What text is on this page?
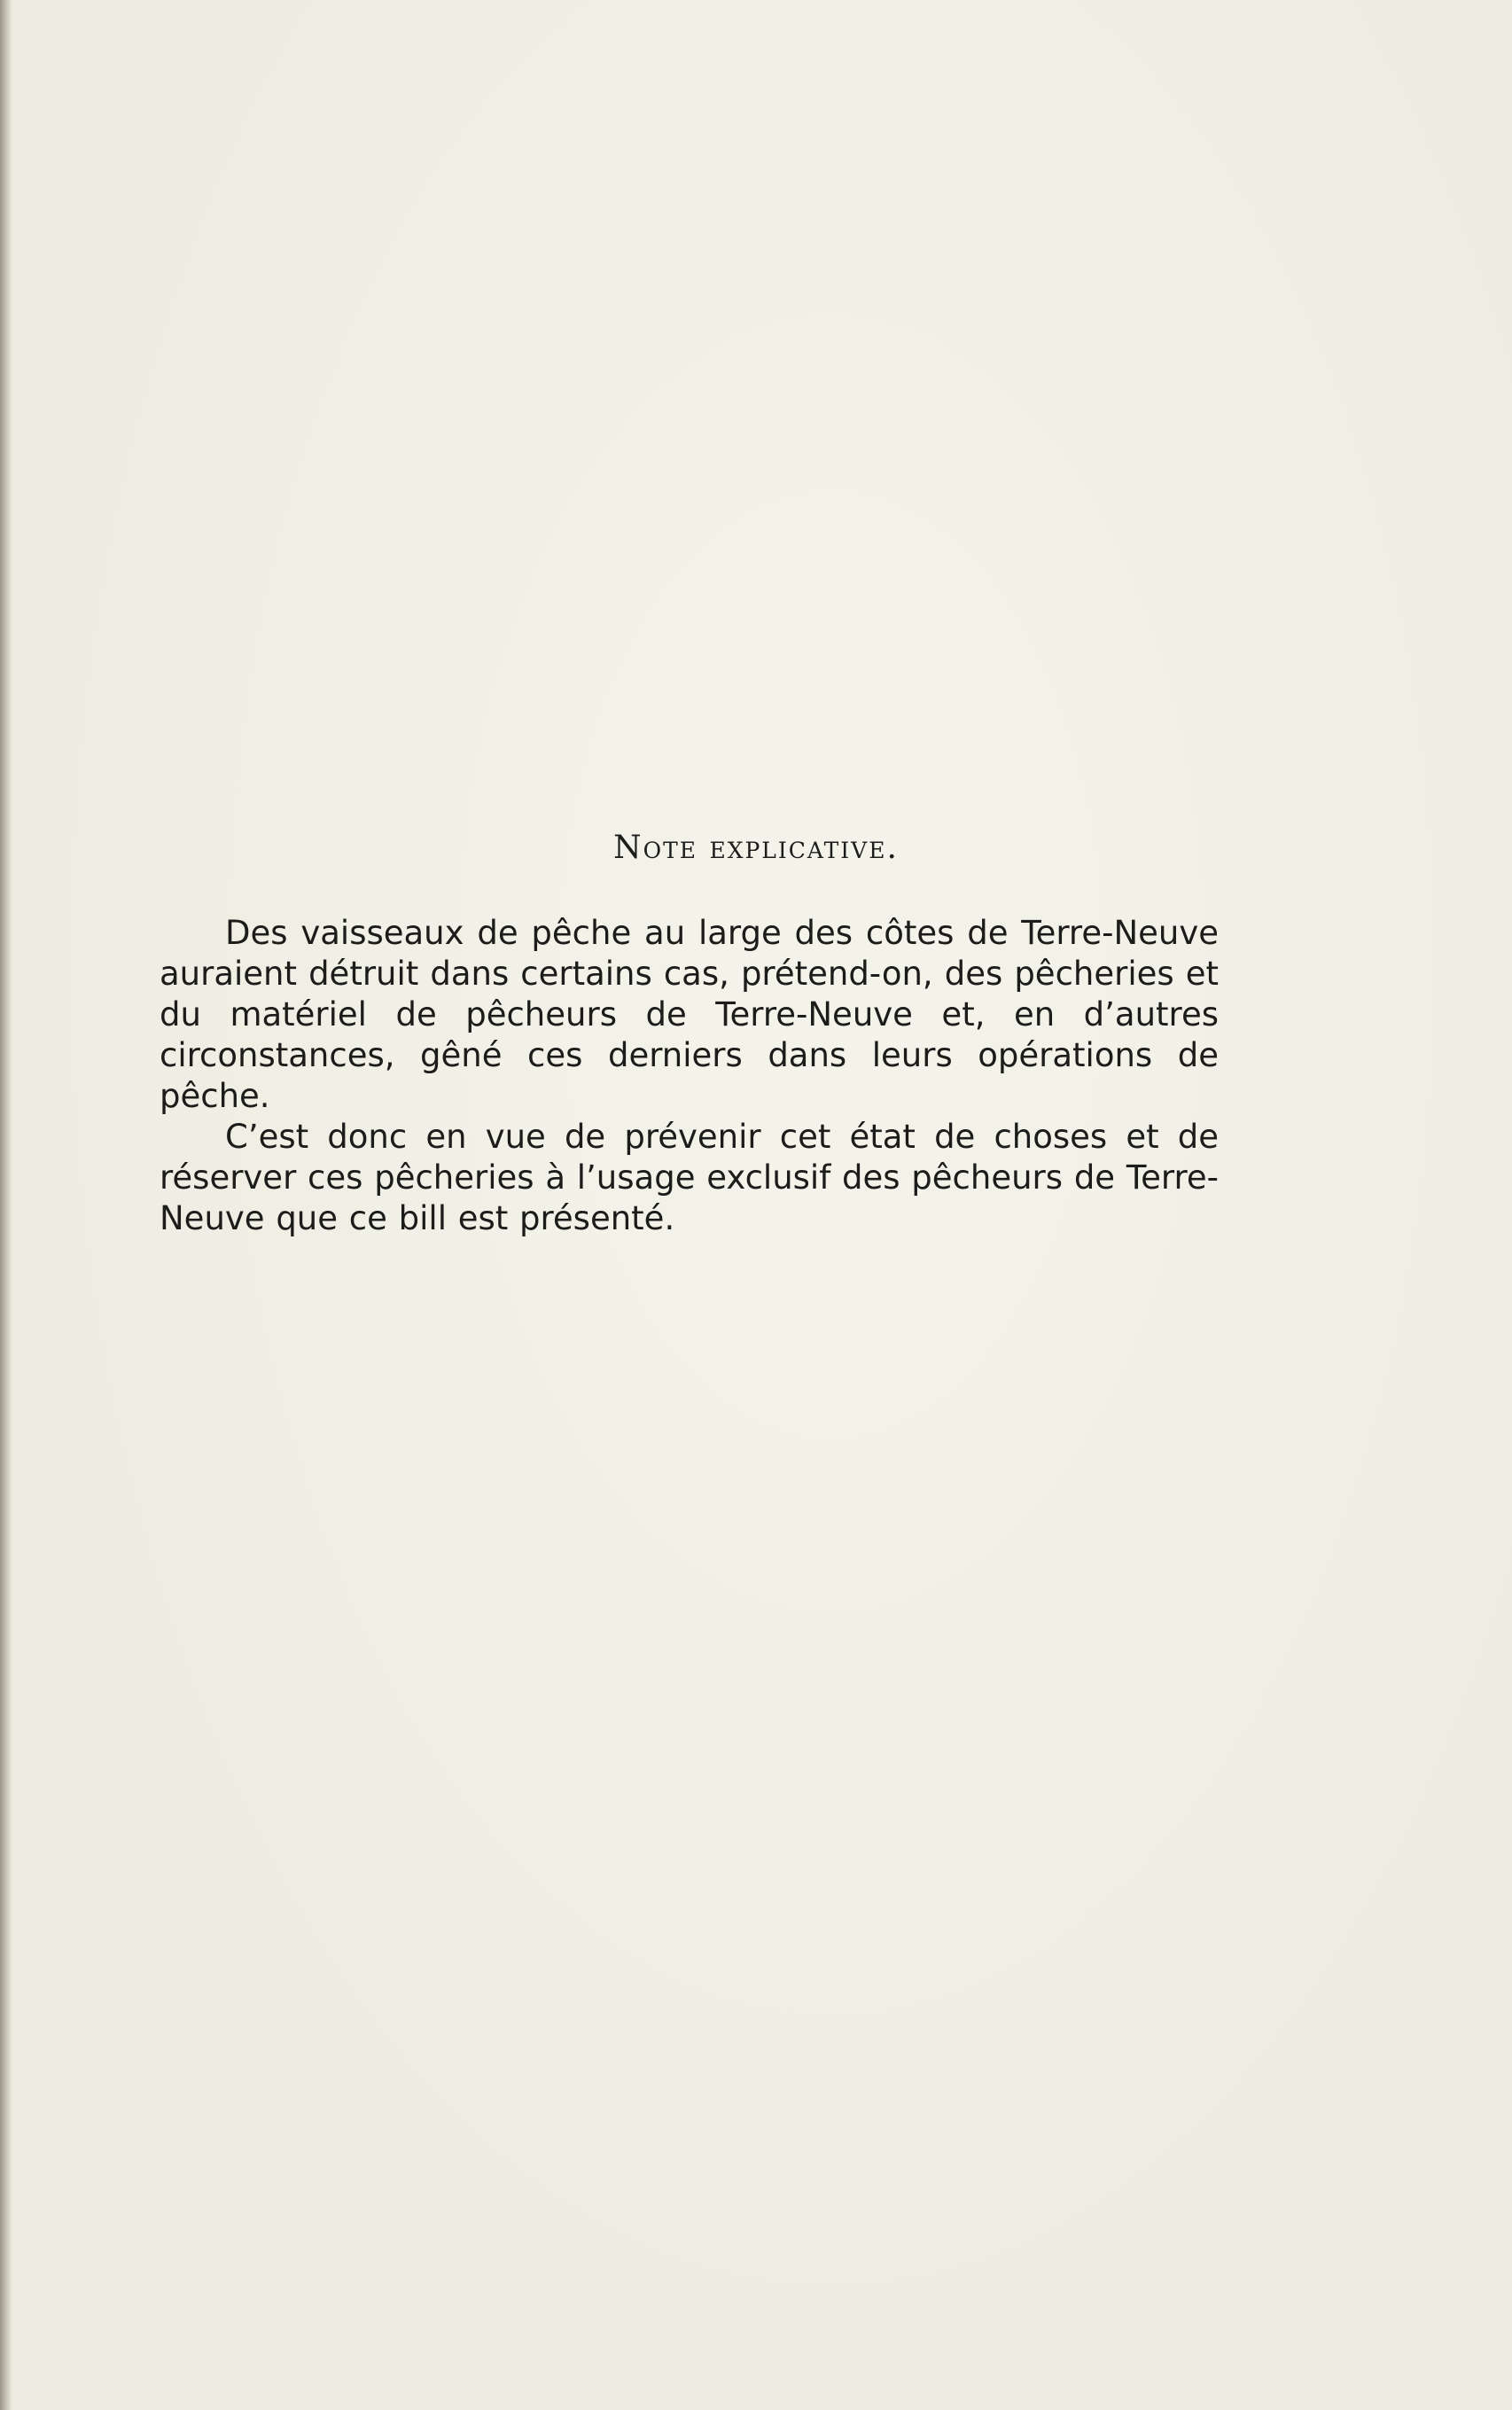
Note explicative.

Des vaisseaux de pêche au large des côtes de Terre-Neuve auraient détruit dans certains cas, prétend-on, des pêcheries et du matériel de pêcheurs de Terre-Neuve et, en d’autres circonstances, gêné ces derniers dans leurs opérations de pêche.

C’est donc en vue de prévenir cet état de choses et de réserver ces pêcheries à l’usage exclusif des pêcheurs de Terre-Neuve que ce bill est présenté.
